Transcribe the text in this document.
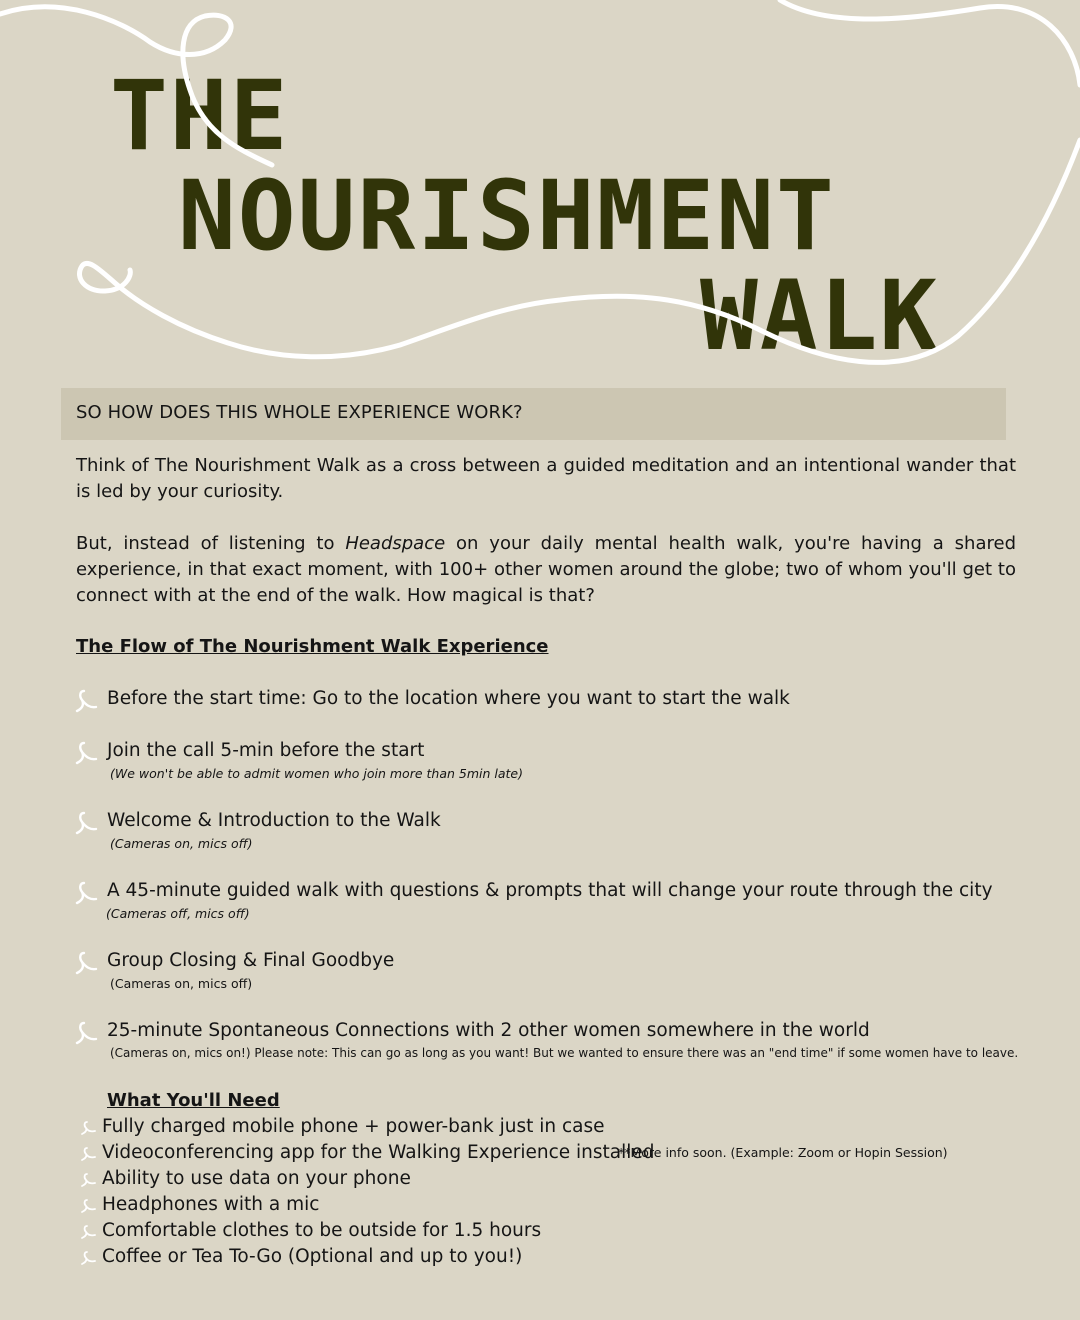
THE
NOURISHMENT
WALK
SO HOW DOES THIS WHOLE EXPERIENCE WORK?

Think of The Nourishment Walk as a cross between a guided meditation and an intentional wander that is led by your curiosity.

But, instead of listening to Headspace on your daily mental health walk, you're having a shared experience, in that exact moment, with 100+ other women around the globe; two of whom you'll get to connect with at the end of the walk. How magical is that?

The Flow of The Nourishment Walk Experience
Before the start time: Go to the location where you want to start the walk
Join the call 5-min before the start
(We won't be able to admit women who join more than 5min late)
Welcome & Introduction to the Walk
(Cameras on, mics off)
A 45-minute guided walk with questions & prompts that will change your route through the city
(Cameras off, mics off)
Group Closing & Final Goodbye
(Cameras on, mics off)
25-minute Spontaneous Connections with 2 other women somewhere in the world
(Cameras on, mics on!) Please note: This can go as long as you want! But we wanted to ensure there was an "end time" if some women have to leave.
What You'll Need
Fully charged mobile phone + power-bank just in case
Videoconferencing app for the Walking Experience installed
**More info soon. (Example: Zoom or Hopin Session)
Ability to use data on your phone
Headphones with a mic
Comfortable clothes to be outside for 1.5 hours
Coffee or Tea To-Go (Optional and up to you!)
